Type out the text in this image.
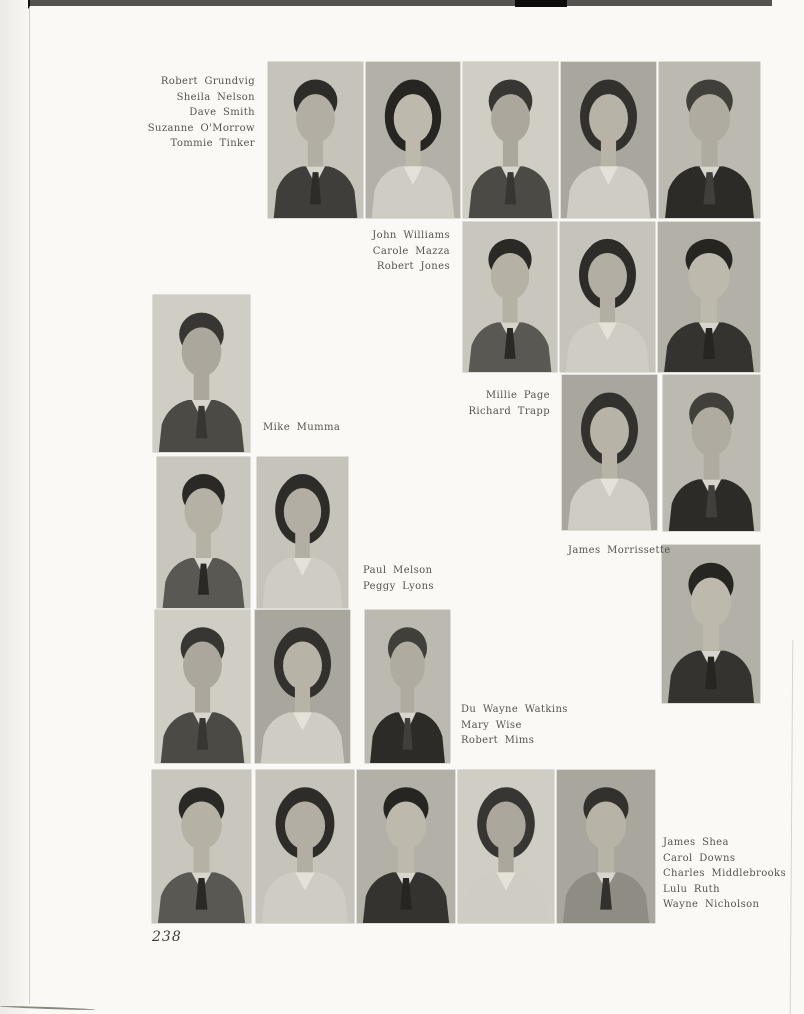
Robert Grundvig
Sheila Nelson
Dave Smith
Suzanne O'Morrow
Tommie Tinker
John Williams
Carole Mazza
Robert Jones
Millie Page
Richard Trapp
Mike Mumma
Paul Melson
Peggy Lyons
James Morrissette
Du Wayne Watkins
Mary Wise
Robert Mims
James Shea
Carol Downs
Charles Middlebrooks
Lulu Ruth
Wayne Nicholson
238
